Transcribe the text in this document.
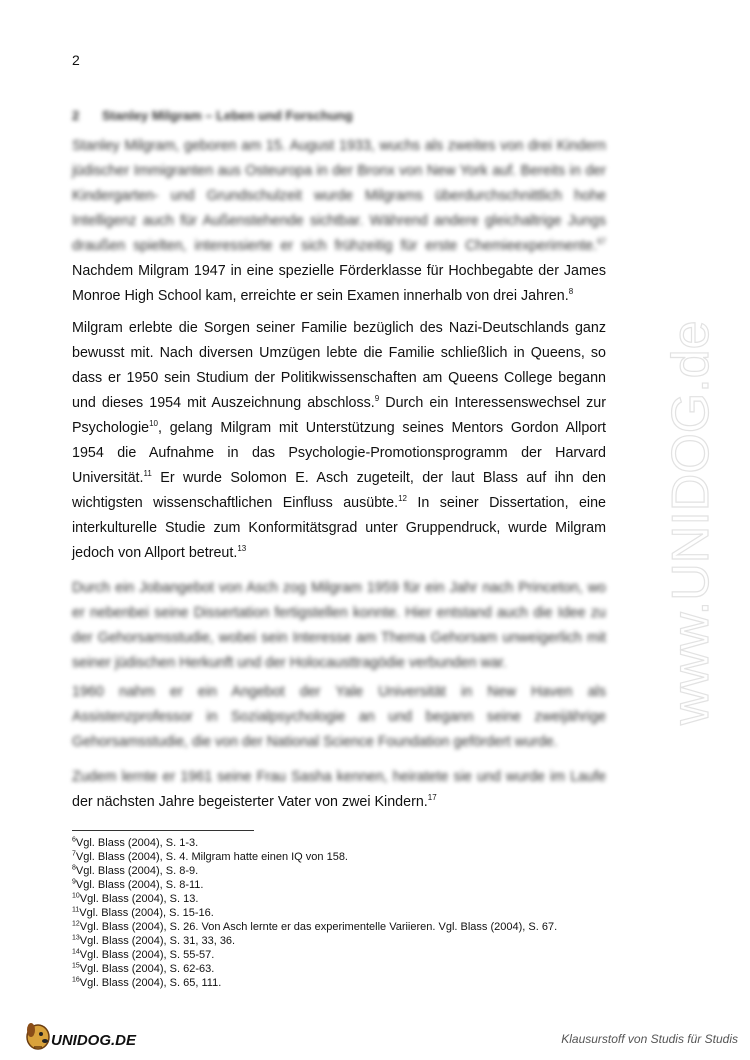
2
2 Stanley Milgram – Leben und Forschung

Stanley Milgram, geboren am 15. August 1933, wuchs als zweites von drei Kindern jüdischer Immigranten aus Osteuropa in der Bronx von New York auf. Bereits in der Kindergarten- und Grundschulzeit wurde Milgrams überdurchschnittlich hohe Intelligenz auch für Außenstehende sichtbar. Während andere gleichaltrige Jungs draußen spielten, interessierte er sich frühzeitig für erste Chemieexperimente.$^{67}$ Nachdem Milgram 1947 in eine spezielle Förderklasse für Hochbegabte der James Monroe High School kam, erreichte er sein Examen innerhalb von drei Jahren.$^8$

Milgram erlebte die Sorgen seiner Familie bezüglich des Nazi-Deutschlands ganz bewusst mit. Nach diversen Umzügen lebte die Familie schließlich in Queens, so dass er 1950 sein Studium der Politikwissenschaften am Queens College begann und dieses 1954 mit Auszeichnung abschloss.$^9$ Durch ein Interessenswechsel zur Psychologie$^{10}$, gelang Milgram mit Unterstützung seines Mentors Gordon Allport 1954 die Aufnahme in das Psychologie-Promotionsprogramm der Harvard Universität.$^{11}$ Er wurde Solomon E. Asch zugeteilt, der laut Blass auf ihn den wichtigsten wissenschaftlichen Einfluss ausübte.$^{12}$ In seiner Dissertation, eine interkulturelle Studie zum Konformitätsgrad unter Gruppendruck, wurde Milgram jedoch von Allport betreut.$^{13}$

Durch ein Jobangebot von Asch zog Milgram 1959 für ein Jahr nach Princeton, wo er nebenbei seine Dissertation fertigstellen konnte. Hier entstand auch die Idee zu der Gehorsamsstudie, wobei sein Interesse am Thema Gehorsam unweigerlich mit seiner jüdischen Herkunft und der Holocausttragödie verbunden war.

1960 nahm er ein Angebot der Yale Universität in New Haven als Assistenzprofessor in Sozialpsychologie an und begann seine zweijährige Gehorsamsstudie, die von der National Science Foundation gefördert wurde.

Zudem lernte er 1961 seine Frau Sasha kennen, heiratete sie und wurde im Laufe der nächsten Jahre begeisterter Vater von zwei Kindern.$^{17}$

$^6$Vgl. Blass (2004), S. 1-3.
$^7$Vgl. Blass (2004), S. 4. Milgram hatte einen IQ von 158.
$^8$Vgl. Blass (2004), S. 8-9.
$^9$Vgl. Blass (2004), S. 8-11.
$^{10}$Vgl. Blass (2004), S. 13.
$^{11}$Vgl. Blass (2004), S. 15-16.
$^{12}$Vgl. Blass (2004), S. 26. Von Asch lernte er das experimentelle Variieren. Vgl. Blass (2004), S. 67.
$^{13}$Vgl. Blass (2004), S. 31, 33, 36.
$^{14}$Vgl. Blass (2004), S. 55-57.
$^{15}$Vgl. Blass (2004), S. 62-63.
$^{16}$Vgl. Blass (2004), S. 65, 111.
www.UNIDOG.de
UNIDOG.DE	Klausurstoff von Studis für Studis
